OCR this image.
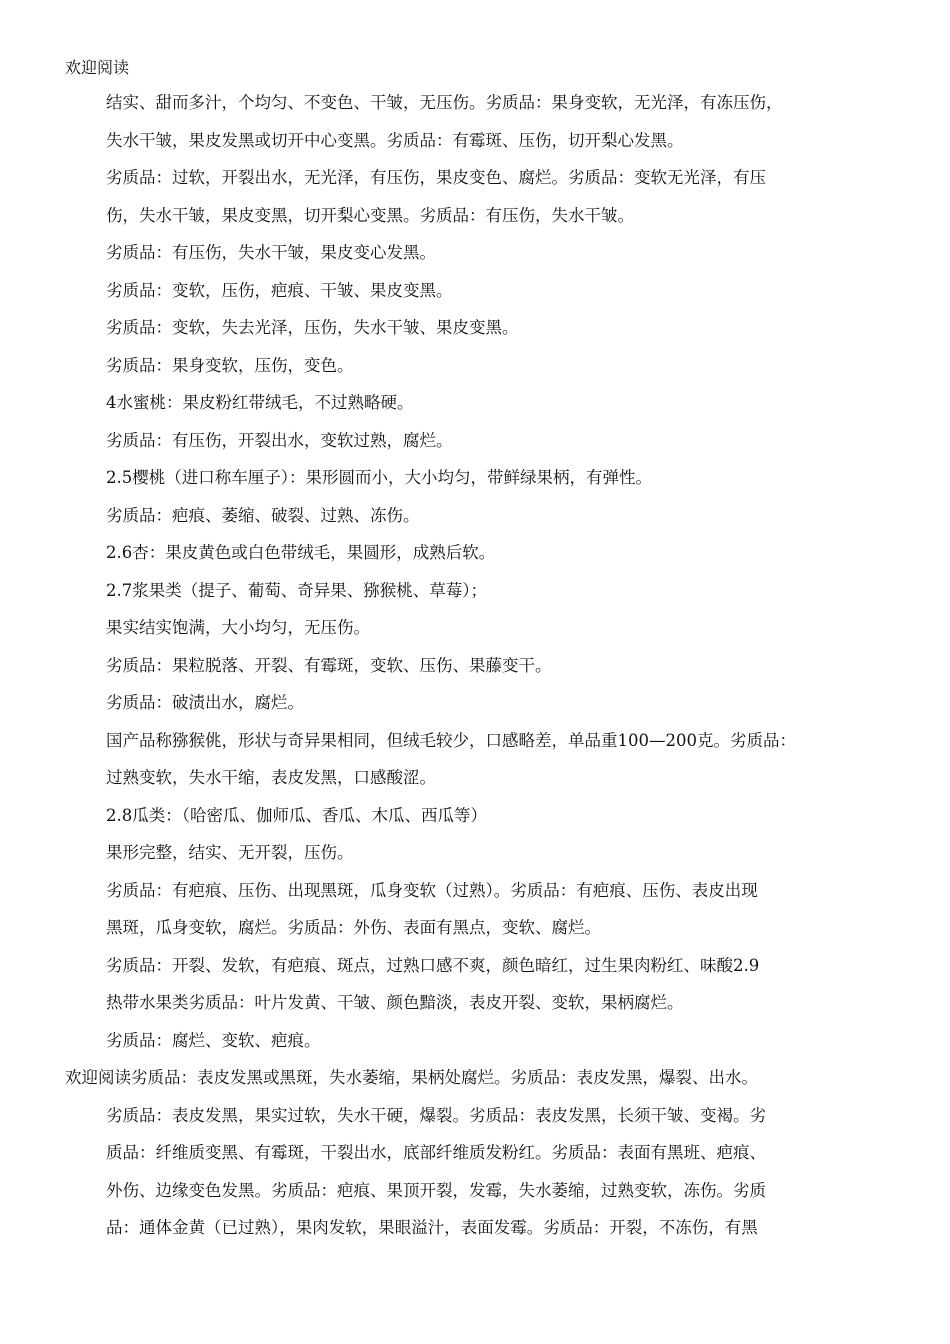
欢迎阅读
结实、甜而多汁，个均匀、不变色、干皱，无压伤。劣质品：果身变软，无光泽，有冻压伤，
失水干皱，果皮发黑或切开中心变黑。劣质品：有霉斑、压伤，切开梨心发黑。
劣质品：过软，开裂出水，无光泽，有压伤，果皮变色、腐烂。劣质品：变软无光泽，有压
伤，失水干皱，果皮变黑，切开梨心变黑。劣质品：有压伤，失水干皱。
劣质品：有压伤，失水干皱，果皮变心发黑。
劣质品：变软，压伤，疤痕、干皱、果皮变黑。
劣质品：变软，失去光泽，压伤，失水干皱、果皮变黑。
劣质品：果身变软，压伤，变色。
4水蜜桃：果皮粉红带绒毛，不过熟略硬。
劣质品：有压伤，开裂出水，变软过熟，腐烂。
2.5樱桃（进口称车厘子）：果形圆而小，大小均匀，带鲜绿果柄，有弹性。
劣质品：疤痕、萎缩、破裂、过熟、冻伤。
2.6杏：果皮黄色或白色带绒毛，果圆形，成熟后软。
2.7浆果类（提子、葡萄、奇异果、猕猴桃、草莓）；
果实结实饱满，大小均匀，无压伤。
劣质品：果粒脱落、开裂、有霉斑，变软、压伤、果藤变干。
劣质品：破渍出水，腐烂。
国产品称猕猴佻，形状与奇异果相同，但绒毛较少，口感略差，单品重100—200克。劣质品：
过熟变软，失水干缩，表皮发黑，口感酸涩。
2.8瓜类：（哈密瓜、伽师瓜、香瓜、木瓜、西瓜等）
果形完整，结实、无开裂，压伤。
劣质品：有疤痕、压伤、出现黑斑，瓜身变软（过熟）。劣质品：有疤痕、压伤、表皮出现
黑斑，瓜身变软，腐烂。劣质品：外伤、表面有黑点，变软、腐烂。
劣质品：开裂、发软，有疤痕、斑点，过熟口感不爽，颜色暗红，过生果肉粉红、味酸2.9
热带水果类劣质品：叶片发黄、干皱、颜色黯淡，表皮开裂、变软，果柄腐烂。
劣质品：腐烂、变软、疤痕。
欢迎阅读劣质品：表皮发黑或黑斑，失水萎缩，果柄处腐烂。劣质品：表皮发黑，爆裂、出水。
劣质品：表皮发黑，果实过软，失水干硬，爆裂。劣质品：表皮发黑，长须干皱、变褐。劣
质品：纤维质变黑、有霉斑，干裂出水，底部纤维质发粉红。劣质品：表面有黑班、疤痕、
外伤、边缘变色发黑。劣质品：疤痕、果顶开裂，发霉，失水萎缩，过熟变软，冻伤。劣质
品：通体金黄（已过熟），果肉发软，果眼溢汁，表面发霉。劣质品：开裂，不冻伤，有黑
